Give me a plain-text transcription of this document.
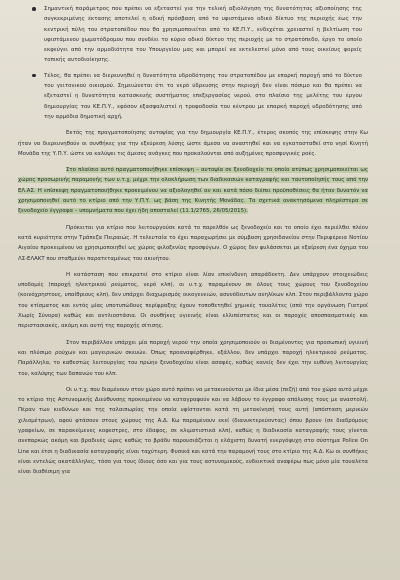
Σημαντική παράμετρος που πρέπει να εξεταστεί για την τελική αξιολόγηση της δυνατότητας αξιοποίησης της συγκεκριμένης έκτασης αποτελεί η οδική πρόσβαση από το υφιστάμενο οδικό δίκτυο της περιοχής έως την κεντρική πύλη του στρατοπέδου που θα χρησιμοποιείται από το ΚΕ.Π.Υ., ενδεχέται χρειαστεί η βελτίωση του υφιστάμενου χωματόδρομου που συνδέει το κύριο οδικό δίκτυο της περιοχής με το στρατόπεδο, έργο το οποίο εκφεύγει από την αρμοδιότητα του Υπουργείου μας και μπορεί να εκτελεστεί μόνο από τους οικείους φορείς τοπικής αυτοδιοίκησης.
Τέλος, θα πρέπει να διερευνηθεί η δυνατότητα υδροδότησης του στρατοπέδου με επαρκή παροχή από το δίκτυο του γειτονικού οικισμού. Σημειώνεται ότι το νερό ύδρευσης στην περιοχή δεν είναι πόσιμο και θα πρέπει να εξεταστεί η δυνατότητα κατασκευής συστήματος επεξεργασίας νερού, στο πλαίσιο της μελέτης του έργου δημιουργίας του ΚΕ.Π.Υ., εφόσον εξασφαλιστεί η τροφοδοσία του κέντρου με επαρκή παροχή υδροδότησης από την αρμόδια δημοτική αρχή.

Εκτός της πραγματοποίησης αυτοψίας για την δημιουργία ΚΕ.Π.Υ., έτερος σκοπός της επίσκεψης στην Κω ήταν να διερευνηθούν οι συνθήκες για την εξεύρεση λύσης ώστε άμεσα να αναστηθεί και να εγκατασταθεί στο νησί Κινητή Μονάδα της Υ.Π.Υ. ώστε να καλύψει τις άμεσες ανάγκες που προκαλούνται από αυξημένες προσφυγικές ροές.

Στο πλαίσιο αυτό πραγματοποιήθηκε επίσκεψη – αυτοψία σε ξενοδοχείο το οποίο ατύπως χρησιμοποιείται ως χώρος προσωρινής παραμονής των υ.τ.χ. μέχρι την ολοκλήρωση των διαδικασιών καταγραφής και ταυτοποίησής τους από την ΕΛ.ΑΣ. Η επίσκεψη πραγματοποιήθηκε προκειμένου να αξιολογηθεί αν και κατά πόσο διέπει προϋποθέσεις θα ήταν δυνατόν να χρησιμοποιηθεί αυτό το κτίριο από την Υ.Π.Υ. ως βάση της Κινητής Μονάδας. Τα σχετικά ανακτησόμενα πληρέστερα σε ξενοδοχείο έγγραφα – υπομνήματα που έχει ήδη αποσταλεί (11.1/2765, 26/05/2015).

Πρόκειται για κτίριο που λειτουργούσε κατά το παρελθόν ως ξενοδοχείο και το οποίο έχει περιέλθει πλέον κατά κυριότητα στην Τράπεζα Πειραιώς. Η τελευταία το έχει παραχωρήσει με σύμβαση χρησιδανείου στην Περιφέρεια Νοτίου Αιγαίου προκειμένου να χρησιμοποιηθεί ως χώρος φιλοξενίας προσφύγων. Ο χώρος δεν φυλάσσεται με εξαίρεση ένα όχημα του ΛΣ-ΕΛΑΚΤ που σταθμεύει παρατεταμένως του ακινήτου.

Η κατάσταση που επικρατεί στο κτίριο είναι λίαν επικίνδυνη απαράδεκτη. Δεν υπάρχουν στοιχειώδεις υποδομές (παροχή ηλεκτρικού ρεύματος, νερό κλπ), οι υ.τ.χ. παραμένουν σε όλους τους χώρους του ξενοδοχείου (κοινόχρηστους, υπαίθριους κλπ), δεν υπάρχει διαχωρισμός οικογενειών, ασυνόδευτων ανηλίκων κλπ. Στον περιβάλλοντα χώρο του κτίσματος και εντός μίας υποτυπώδους περίφραξης έχουν τοποθετηθεί χημικές τουαλέτες (από την οργάνωση Γιατροί Χωρίς Σύνορα) καθώς και αντλιοστάσια. Οι συνθήκες υγιεινής είναι ελλιπέστατες και οι παροχές αποσπασματικές και περιστασιακές, ακόμη και αυτή της παροχής σίτισης.

Στον περιβάλλον υπάρχει μία παροχή νερού την οποία χρησιμοποιούν οι διαμένοντες για προσωπική υγιεινή και πλύσιμο ρούχων και μαγειρικών σκευών. Όπως προαναφέρθηκε, εξάλλου, δεν υπάρχει παροχή ηλεκτρικού ρεύματος. Παράλληλα, το καθεστώς λειτουργίας του πρώην ξενοδοχείου είναι ασαφές, καθώς κανείς δεν έχει την ευθύνη λειτουργίας του, καλύψης των δαπανών του κλπ.

Οι υ.τ.χ. που διαμένουν στον χώρο αυτό πρέπει να μετακινούνται με ίδια μέσα (πεζή) από τον χώρο αυτό μέχρι το κτίριο της Αστυνομικής Διεύθυνσης προκειμένου να καταγραφούν και να λάβουν το έγγραφο απόλυσης τους με αναστολή. Πέραν των κινδύνων και της ταλαιπωρίας την οποία υφίστανται κατά τη μετακίνησή τους αυτή (απόσταση μερικών χιλιομέτρων), αφού φτάσουν στους χώρους της Α.Δ. Κω παραμένουν εκεί (διανυκτερεύοντας) όπου βρουν (σε διαδρόμους γραφείων, σε παρακείμενες κοφεστρες, στο έδαφος, σε κλιματιστικά κλπ), καθώς η διαδικασία καταγραφής τους γίνεται ανεπαρκώς ακόμη και βραδινές ώρες καθώς το βράδυ παρουσιάζεται η ελάχιστη δυνατή ενεργόψυχη στο σύστημα Police On Line και έτσι η διαδικασία καταγραφής είναι ταχύτερη. Φυσικά και κατά την παραμονή τους στο κτίριο της Α.Δ. Κω οι συνθήκες είναι εντελώς ακατάλληλες, τόσο για τους ίδιους όσο και για τους αστυνομικούς, ενδεικτικά αναφέρω πως μόνο μία τουαλέτα είναι διαθέσιμη για
